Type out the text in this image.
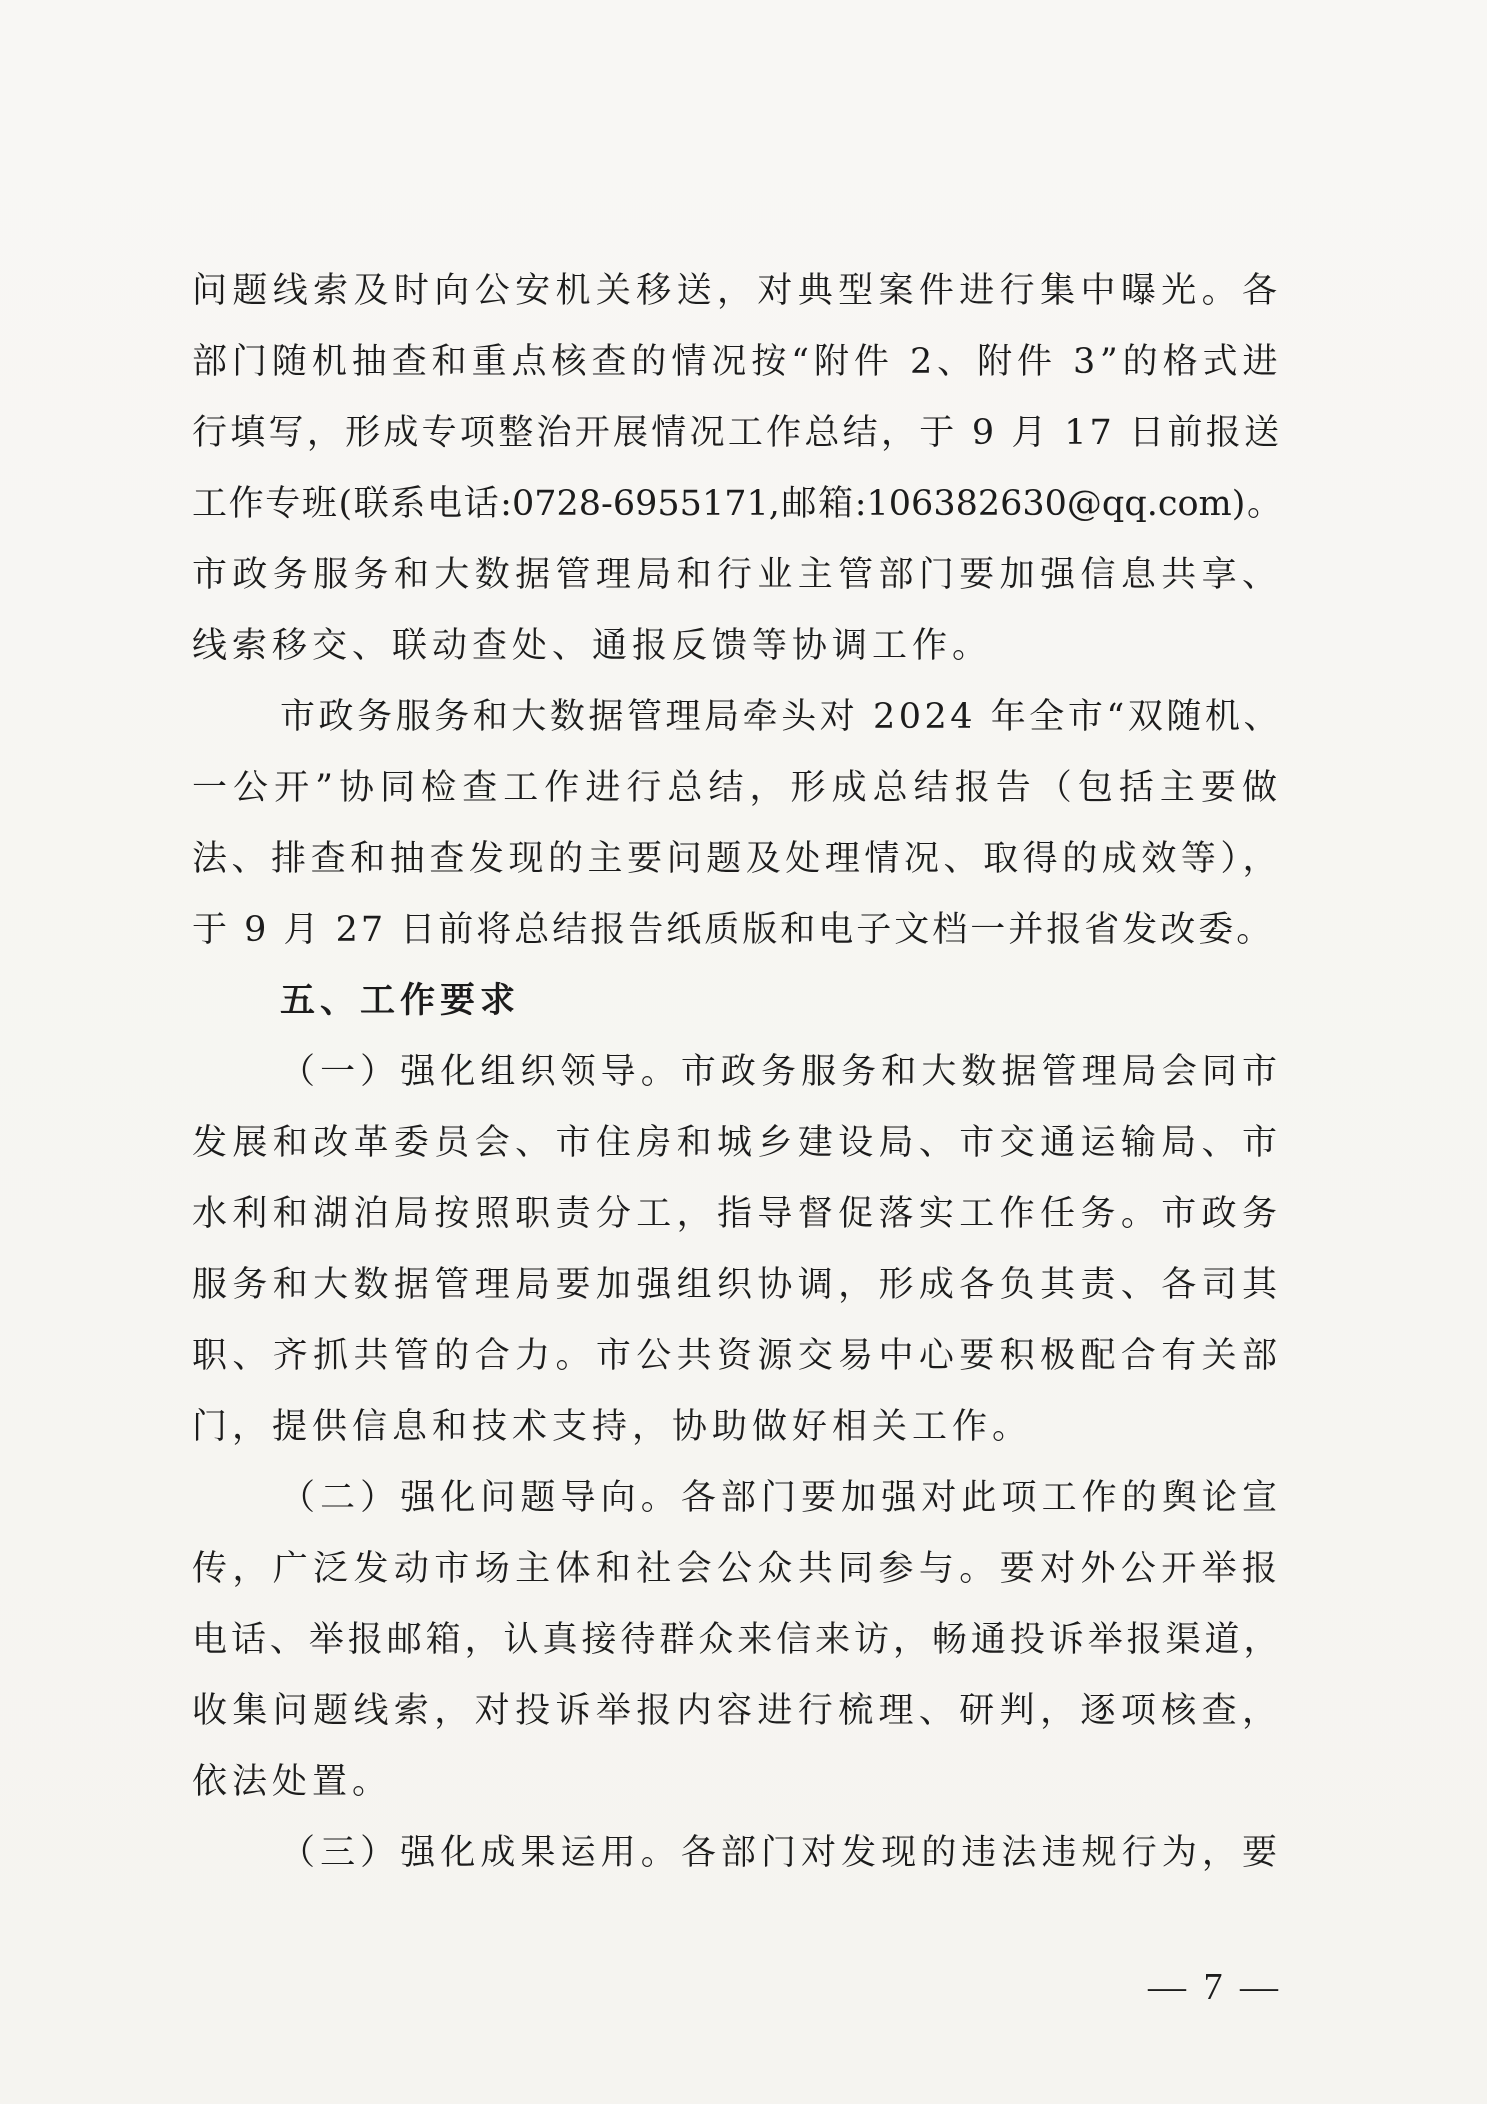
问题线索及时向公安机关移送，对典型案件进行集中曝光。各

部门随机抽查和重点核查的情况按“附件 2、附件 3”的格式进

行填写，形成专项整治开展情况工作总结，于 9 月 17 日前报送

工作专班(联系电话:0728-6955171,邮箱:106382630@qq.com)。

市政务服务和大数据管理局和行业主管部门要加强信息共享、

线索移交、联动查处、通报反馈等协调工作。

市政务服务和大数据管理局牵头对 2024 年全市“双随机、

一公开”协同检查工作进行总结，形成总结报告（包括主要做

法、排查和抽查发现的主要问题及处理情况、取得的成效等），

于 9 月 27 日前将总结报告纸质版和电子文档一并报省发改委。

五、工作要求

（一）强化组织领导。市政务服务和大数据管理局会同市

发展和改革委员会、市住房和城乡建设局、市交通运输局、市

水利和湖泊局按照职责分工，指导督促落实工作任务。市政务

服务和大数据管理局要加强组织协调，形成各负其责、各司其

职、齐抓共管的合力。市公共资源交易中心要积极配合有关部

门，提供信息和技术支持，协助做好相关工作。

（二）强化问题导向。各部门要加强对此项工作的舆论宣

传，广泛发动市场主体和社会公众共同参与。要对外公开举报

电话、举报邮箱，认真接待群众来信来访，畅通投诉举报渠道，

收集问题线索，对投诉举报内容进行梳理、研判，逐项核查，

依法处置。

（三）强化成果运用。各部门对发现的违法违规行为，要

— 7 —
